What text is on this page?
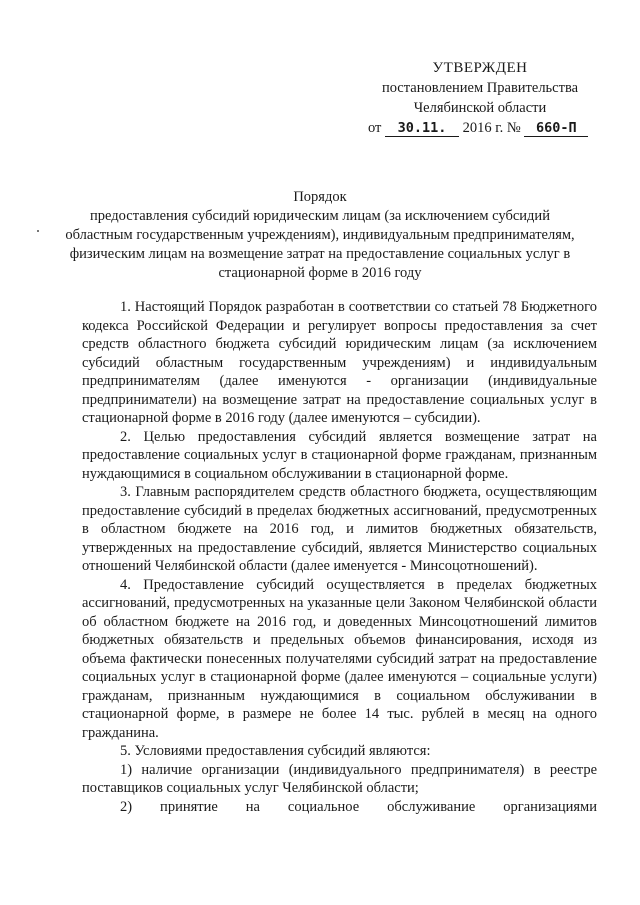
УТВЕРЖДЕН
постановлением Правительства
Челябинской области
от 30.11. 2016 г. № 660-П
Порядок
предоставления субсидий юридическим лицам (за исключением субсидий областным государственным учреждениям), индивидуальным предпринимателям, физическим лицам на возмещение затрат на предоставление социальных услуг в стационарной форме в 2016 году

1. Настоящий Порядок разработан в соответствии со статьей 78 Бюджетного кодекса Российской Федерации и регулирует вопросы предоставления за счет средств областного бюджета субсидий юридическим лицам (за исключением субсидий областным государственным учреждениям) и индивидуальным предпринимателям (далее именуются - организации (индивидуальные предприниматели) на возмещение затрат на предоставление социальных услуг в стационарной форме в 2016 году (далее именуются – субсидии).

2. Целью предоставления субсидий является возмещение затрат на предоставление социальных услуг в стационарной форме гражданам, признанным нуждающимися в социальном обслуживании в стационарной форме.

3. Главным распорядителем средств областного бюджета, осуществляющим предоставление субсидий в пределах бюджетных ассигнований, предусмотренных в областном бюджете на 2016 год, и лимитов бюджетных обязательств, утвержденных на предоставление субсидий, является Министерство социальных отношений Челябинской области (далее именуется - Минсоцотношений).

4. Предоставление субсидий осуществляется в пределах бюджетных ассигнований, предусмотренных на указанные цели Законом Челябинской области об областном бюджете на 2016 год, и доведенных Минсоцотношений лимитов бюджетных обязательств и предельных объемов финансирования, исходя из объема фактически понесенных получателями субсидий затрат на предоставление социальных услуг в стационарной форме (далее именуются – социальные услуги) гражданам, признанным нуждающимися в социальном обслуживании в стационарной форме, в размере не более 14 тыс. рублей в месяц на одного гражданина.

5. Условиями предоставления субсидий являются:

1) наличие организации (индивидуального предпринимателя) в реестре поставщиков социальных услуг Челябинской области;

2) принятие на социальное обслуживание организациями
